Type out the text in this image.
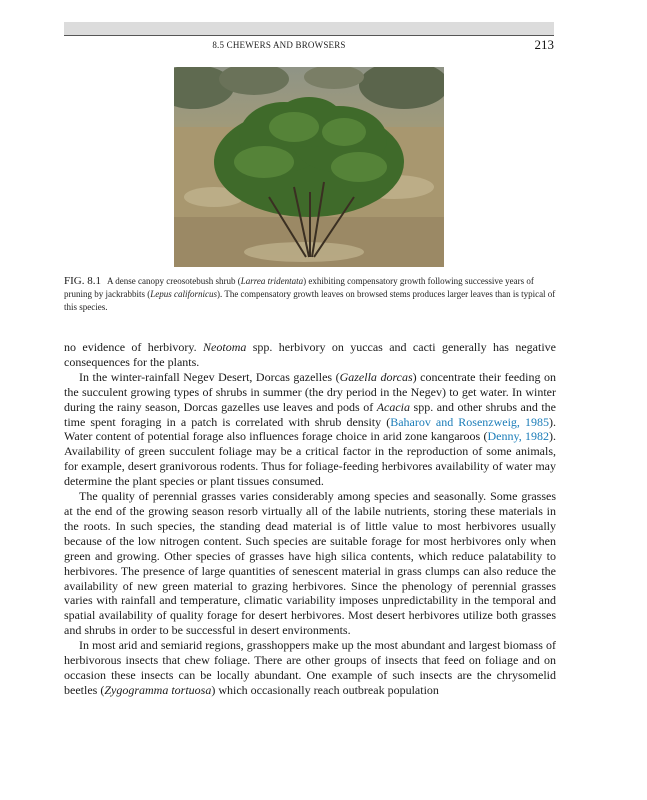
8.5 CHEWERS AND BROWSERS	213
FIG. 8.1 A dense canopy creosotebush shrub (Larrea tridentata) exhibiting compensatory growth following successive years of pruning by jackrabbits (Lepus californicus). The compensatory growth leaves on browsed stems produces larger leaves than is typical of this species.

no evidence of herbivory. Neotoma spp. herbivory on yuccas and cacti generally has negative consequences for the plants.

In the winter-rainfall Negev Desert, Dorcas gazelles (Gazella dorcas) concentrate their feeding on the succulent growing types of shrubs in summer (the dry period in the Negev) to get water. In winter during the rainy season, Dorcas gazelles use leaves and pods of Acacia spp. and other shrubs and the time spent foraging in a patch is correlated with shrub density (Baharov and Rosenzweig, 1985). Water content of potential forage also influences forage choice in arid zone kangaroos (Denny, 1982). Availability of green succulent foliage may be a critical factor in the reproduction of some animals, for example, desert granivorous rodents. Thus for foliage-feeding herbivores availability of water may determine the plant species or plant tissues consumed.

The quality of perennial grasses varies considerably among species and seasonally. Some grasses at the end of the growing season resorb virtually all of the labile nutrients, storing these materials in the roots. In such species, the standing dead material is of little value to most herbivores usually because of the low nitrogen content. Such species are suitable forage for most herbivores only when green and growing. Other species of grasses have high silica contents, which reduce palatability to herbivores. The presence of large quantities of senescent material in grass clumps can also reduce the availability of new green material to grazing herbivores. Since the phenology of perennial grasses varies with rainfall and temperature, climatic variability imposes unpredictability in the temporal and spatial availability of quality forage for desert herbivores. Most desert herbivores utilize both grasses and shrubs in order to be successful in desert environments.

In most arid and semiarid regions, grasshoppers make up the most abundant and largest biomass of herbivorous insects that chew foliage. There are other groups of insects that feed on foliage and on occasion these insects can be locally abundant. One example of such insects are the chrysomelid beetles (Zygogramma tortuosa) which occasionally reach outbreak population
